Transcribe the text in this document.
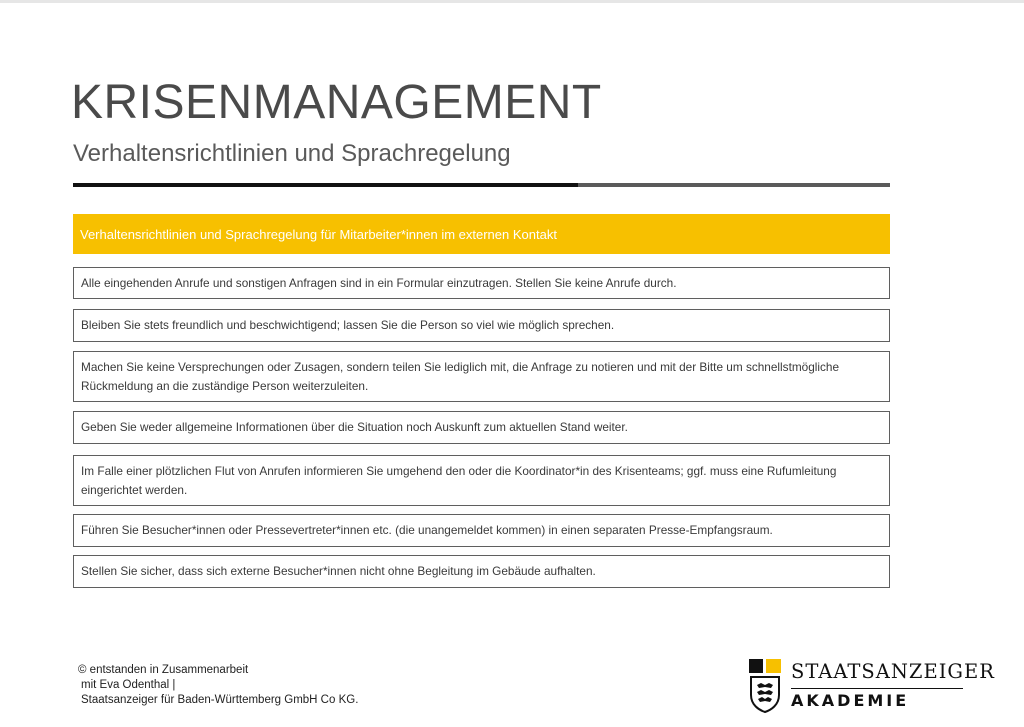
KRISENMANAGEMENT
Verhaltensrichtlinien und Sprachregelung
Verhaltensrichtlinien und Sprachregelung für Mitarbeiter*innen im externen Kontakt
Alle eingehenden Anrufe und sonstigen Anfragen sind in ein Formular einzutragen. Stellen Sie keine Anrufe durch.
Bleiben Sie stets freundlich und beschwichtigend; lassen Sie die Person so viel wie möglich sprechen.
Machen Sie keine Versprechungen oder Zusagen, sondern teilen Sie lediglich mit, die Anfrage zu notieren und mit der Bitte um schnellstmögliche Rückmeldung an die zuständige Person weiterzuleiten.
Geben Sie weder allgemeine Informationen über die Situation noch Auskunft zum aktuellen Stand weiter.
Im Falle einer plötzlichen Flut von Anrufen informieren Sie umgehend den oder die Koordinator*in des Krisenteams; ggf. muss eine Rufumleitung eingerichtet werden.
Führen Sie Besucher*innen oder Pressevertreter*innen etc. (die unangemeldet kommen) in einen separaten Presse-Empfangsraum.
Stellen Sie sicher, dass sich externe Besucher*innen nicht ohne Begleitung im Gebäude aufhalten.
© entstanden in Zusammenarbeit
mit Eva Odenthal |
Staatsanzeiger für Baden-Württemberg GmbH Co KG.
STAATSANZEIGER
AKADEMIE
